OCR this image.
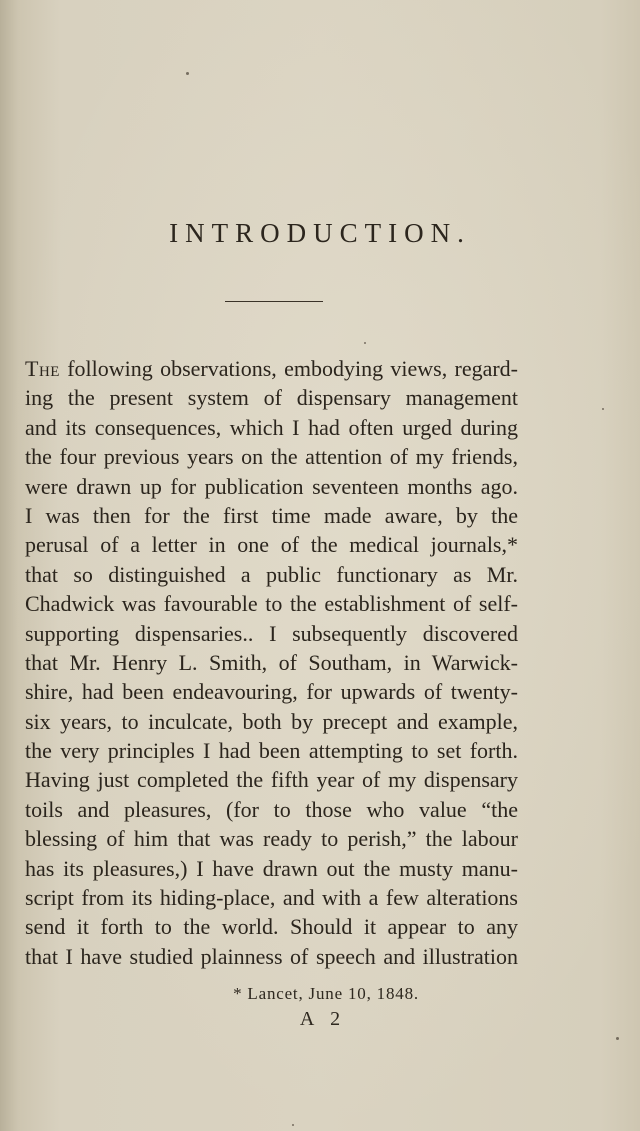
INTRODUCTION.
The following observations, embodying views, regard-
ing the present system of dispensary management
and its consequences, which I had often urged during
the four previous years on the attention of my friends,
were drawn up for publication seventeen months ago.
I was then for the first time made aware, by the
perusal of a letter in one of the medical journals,*
that so distinguished a public functionary as Mr.
Chadwick was favourable to the establishment of self-
supporting dispensaries.. I subsequently discovered
that Mr. Henry L. Smith, of Southam, in Warwick-
shire, had been endeavouring, for upwards of twenty-
six years, to inculcate, both by precept and example,
the very principles I had been attempting to set forth.
Having just completed the fifth year of my dispensary
toils and pleasures, (for to those who value “the
blessing of him that was ready to perish,” the labour
has its pleasures,) I have drawn out the musty manu-
script from its hiding-place, and with a few alterations
send it forth to the world. Should it appear to any
that I have studied plainness of speech and illustration
* Lancet, June 10, 1848.
A 2
